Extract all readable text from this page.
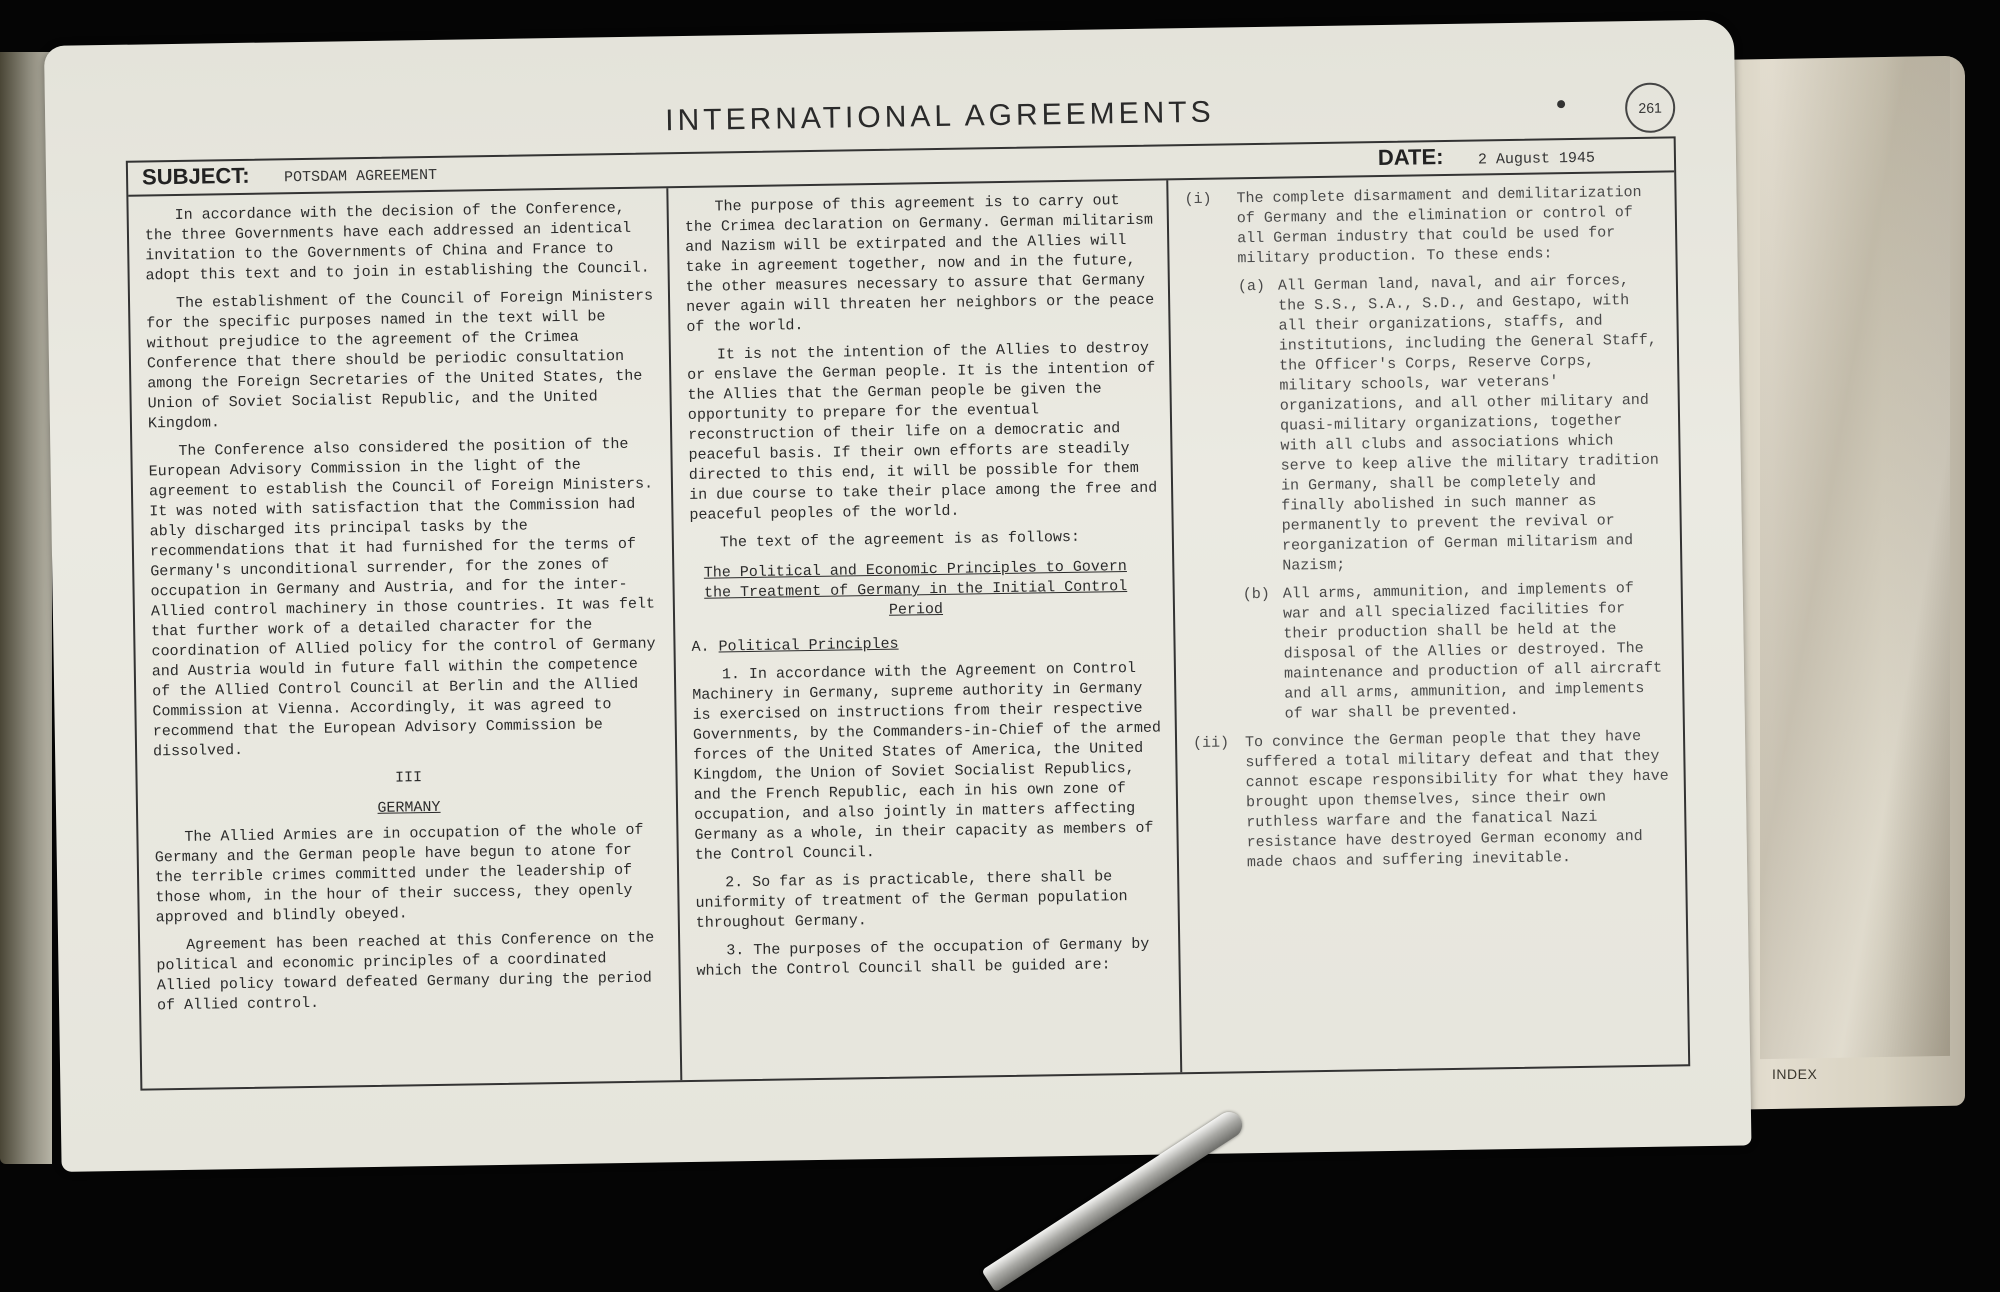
INDEX
INTERNATIONAL AGREEMENTS	261
SUBJECT: POTSDAM AGREEMENT
DATE: 2 August 1945

In accordance with the decision of the Conference, the three Governments have each addressed an identical invitation to the Governments of China and France to adopt this text and to join in establishing the Council.

The establishment of the Council of Foreign Ministers for the specific purposes named in the text will be without prejudice to the agreement of the Crimea Conference that there should be periodic consultation among the Foreign Secretaries of the United States, the Union of Soviet Socialist Republic, and the United Kingdom.

The Conference also considered the position of the European Advisory Commission in the light of the agreement to establish the Council of Foreign Ministers. It was noted with satisfaction that the Commission had ably discharged its principal tasks by the recommendations that it had furnished for the terms of Germany's unconditional surrender, for the zones of occupation in Germany and Austria, and for the inter-Allied control machinery in those countries. It was felt that further work of a detailed character for the coordination of Allied policy for the control of Germany and Austria would in future fall within the competence of the Allied Control Council at Berlin and the Allied Commission at Vienna. Accordingly, it was agreed to recommend that the European Advisory Commission be dissolved.

III

GERMANY

The Allied Armies are in occupation of the whole of Germany and the German people have begun to atone for the terrible crimes committed under the leadership of those whom, in the hour of their success, they openly approved and blindly obeyed.

Agreement has been reached at this Conference on the political and economic principles of a coordinated Allied policy toward defeated Germany during the period of Allied control.

The purpose of this agreement is to carry out the Crimea declaration on Germany. German militarism and Nazism will be extirpated and the Allies will take in agreement together, now and in the future, the other measures necessary to assure that Germany never again will threaten her neighbors or the peace of the world.

It is not the intention of the Allies to destroy or enslave the German people. It is the intention of the Allies that the German people be given the opportunity to prepare for the eventual reconstruction of their life on a democratic and peaceful basis. If their own efforts are steadily directed to this end, it will be possible for them in due course to take their place among the free and peaceful peoples of the world.

The text of the agreement is as follows:

The Political and Economic Principles to Govern the Treatment of Germany in the Initial Control Period

A. Political Principles

1. In accordance with the Agreement on Control Machinery in Germany, supreme authority in Germany is exercised on instructions from their respective Governments, by the Commanders-in-Chief of the armed forces of the United States of America, the United Kingdom, the Union of Soviet Socialist Republics, and the French Republic, each in his own zone of occupation, and also jointly in matters affecting Germany as a whole, in their capacity as members of the Control Council.

2. So far as is practicable, there shall be uniformity of treatment of the German population throughout Germany.

3. The purposes of the occupation of Germany by which the Control Council shall be guided are:

(i)	The complete disarmament and demilitarization of Germany and the elimination or control of all German industry that could be used for military production. To these ends:
(a) All German land, naval, and air forces, the S.S., S.A., S.D., and Gestapo, with all their organizations, staffs, and institutions, including the General Staff, the Officer's Corps, Reserve Corps, military schools, war veterans' organizations, and all other military and quasi-military organizations, together with all clubs and associations which serve to keep alive the military tradition in Germany, shall be completely and finally abolished in such manner as permanently to prevent the revival or reorganization of German militarism and Nazism;
(b) All arms, ammunition, and implements of war and all specialized facilities for their production shall be held at the disposal of the Allies or destroyed. The maintenance and production of all aircraft and all arms, ammunition, and implements of war shall be prevented.
(ii)	To convince the German people that they have suffered a total military defeat and that they cannot escape responsibility for what they have brought upon themselves, since their own ruthless warfare and the fanatical Nazi resistance have destroyed German economy and made chaos and suffering inevitable.
